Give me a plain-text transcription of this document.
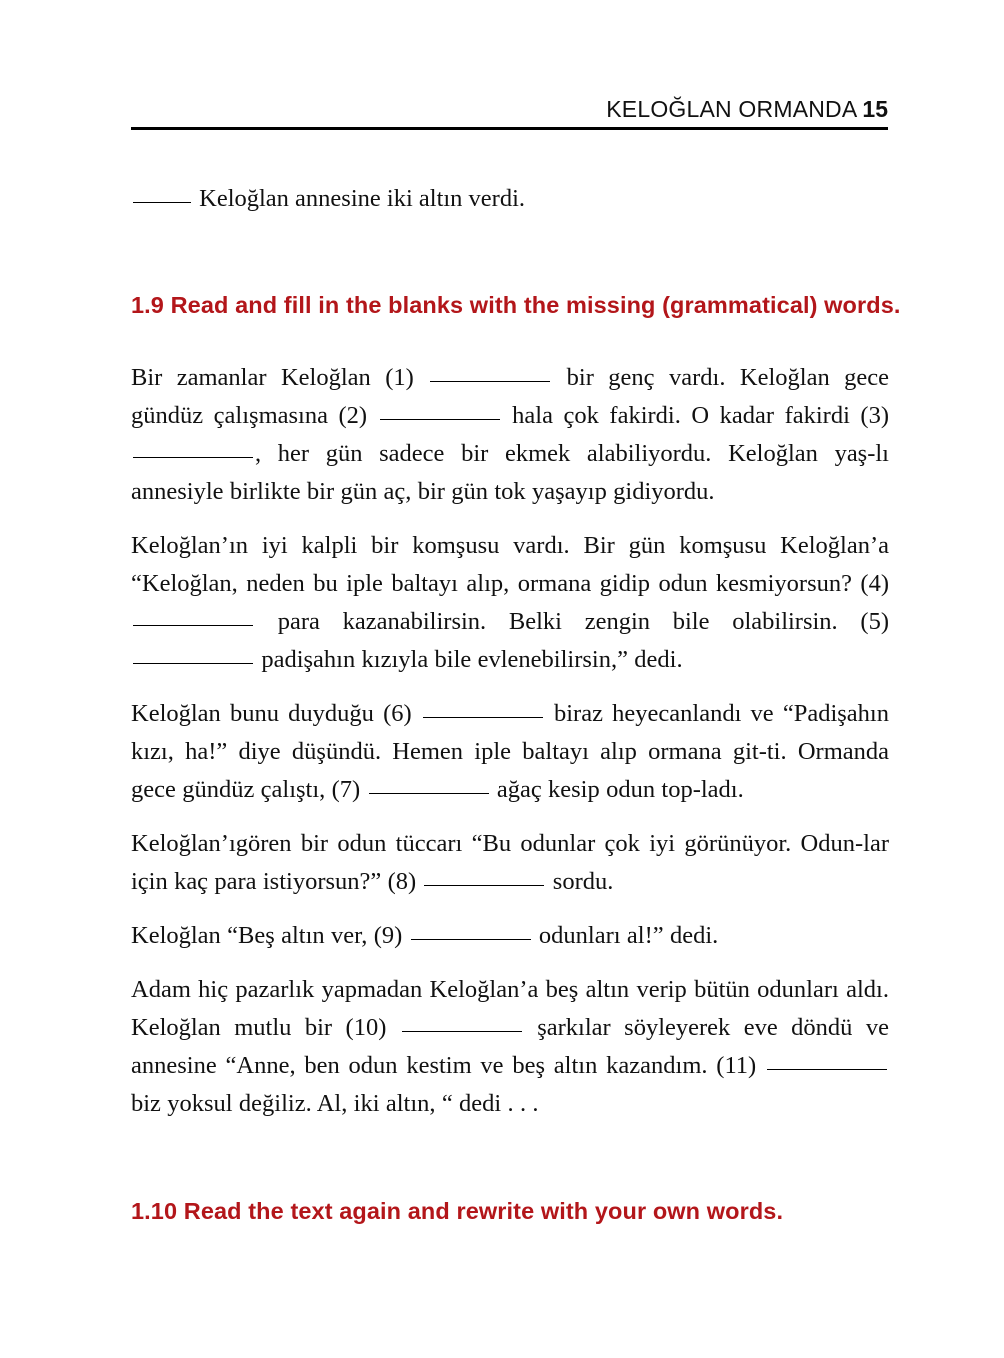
KELOĞLAN ORMANDA 15

Keloğlan annesine iki altın verdi.

1.9 Read and fill in the blanks with the missing (grammatical) words.

Bir zamanlar Keloğlan (1)	bir genç vardı. Keloğlan gece gündüz çalışmasına (2)	hala çok fakirdi. O kadar fakirdi (3) , her gün sadece bir ekmek alabiliyordu. Keloğlan yaş-lı annesiyle birlikte bir gün aç, bir gün tok yaşayıp gidiyordu.

Keloğlan’ın iyi kalpli bir komşusu vardı. Bir gün komşusu Keloğlan’a “Keloğlan, neden bu iple baltayı alıp, ormana gidip odun kesmiyorsun? (4)  para kazanabilirsin. Belki zengin bile olabilirsin. (5)  padişahın kızıyla bile evlenebilirsin,” dedi.

Keloğlan bunu duyduğu (6)	biraz heyecanlandı ve “Padişahın kızı, ha!” diye düşündü. Hemen iple baltayı alıp ormana git-ti. Ormanda gece gündüz çalıştı, (7)	ağaç kesip odun top-ladı.

Keloğlan’ıgören bir odun tüccarı “Bu odunlar çok iyi görünüyor. Odun-lar için kaç para istiyorsun?” (8)	sordu.

Keloğlan “Beş altın ver, (9)	odunları al!” dedi.

Adam hiç pazarlık yapmadan Keloğlan’a beş altın verip bütün odunları aldı. Keloğlan mutlu bir (10)	şarkılar söyleyerek eve döndü ve annesine “Anne, ben odun kestim ve beş altın kazandım. (11)  biz yoksul değiliz. Al, iki altın, “ dedi . . .

1.10 Read the text again and rewrite with your own words.
